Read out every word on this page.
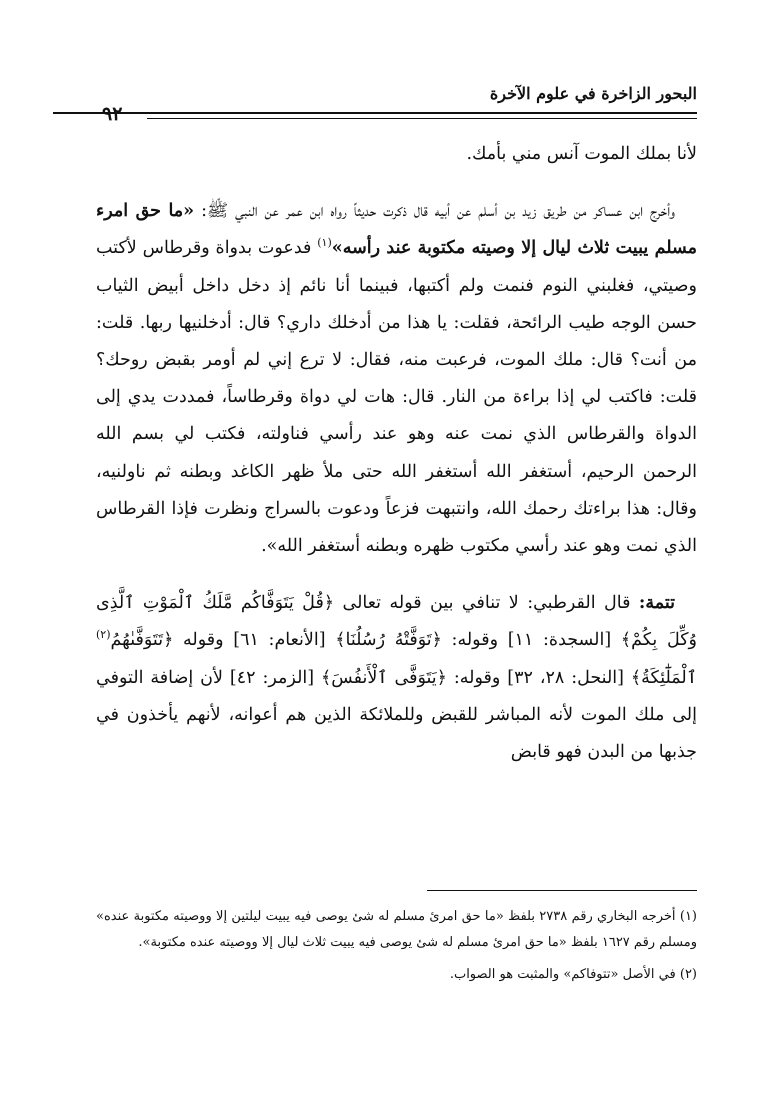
البحور الزاخرة في علوم الآخرة
٩٢

لأنا بملك الموت آنس مني بأمك.

وأخرج ابن عساكر من طريق زيد بن أسلم عن أبيه قال ذكرت حديثاً رواه ابن عمر عن النبي ﷺ: «ما حق امرء مسلم يبيت ثلاث ليال إلا وصيته مكتوبة عند رأسه»$^{(١)}$ فدعوت بدواة وقرطاس لأكتب وصيتي، فغلبني النوم فنمت ولم أكتبها، فبينما أنا نائم إذ دخل داخل أبيض الثياب حسن الوجه طيب الرائحة، فقلت: يا هذا من أدخلك داري؟ قال: أدخلنيها ربها. قلت: من أنت؟ قال: ملك الموت، فرعبت منه، فقال: لا ترع إني لم أومر بقبض روحك؟ قلت: فاكتب لي إذا براءة من النار. قال: هات لي دواة وقرطاساً، فمددت يدي إلى الدواة والقرطاس الذي نمت عنه وهو عند رأسي فناولته، فكتب لي بسم الله الرحمن الرحيم، أستغفر الله أستغفر الله حتى ملأ ظهر الكاغد وبطنه ثم ناولنيه، وقال: هذا براءتك رحمك الله، وانتبهت فزعاً ودعوت بالسراج ونظرت فإذا القرطاس الذي نمت وهو عند رأسي مكتوب ظهره وبطنه أستغفر الله».

تتمة: قال القرطبي: لا تنافي بين قوله تعالى ﴿قُلْ يَتَوَفَّاكُم مَّلَكُ ٱلْمَوْتِ ٱلَّذِى وُكِّلَ بِكُمْ﴾ [السجدة: ١١] وقوله: ﴿تَوَفَّتْهُ رُسُلُنَا﴾ [الأنعام: ٦١] وقوله ﴿تَتَوَفَّىٰهُمُ$^{(٢)}$ ٱلْمَلَٰٓئِكَةُ﴾ [النحل: ٢٨، ٣٢] وقوله: ﴿يَتَوَفَّى ٱلْأَنفُسَ﴾ [الزمر: ٤٢] لأن إضافة التوفي إلى ملك الموت لأنه المباشر للقبض وللملائكة الذين هم أعوانه، لأنهم يأخذون في جذبها من البدن فهو قابض

(١) أخرجه البخاري رقم ٢٧٣٨ بلفظ «ما حق امرئ مسلم له شئ يوصى فيه يبيت ليلتين إلا ووصيته مكتوبة عنده» ومسلم رقم ١٦٢٧ بلفظ «ما حق امرئ مسلم له شئ يوصى فيه يبيت ثلاث ليال إلا ووصيته عنده مكتوبة».

(٢) في الأصل «تتوفاكم» والمثبت هو الصواب.
